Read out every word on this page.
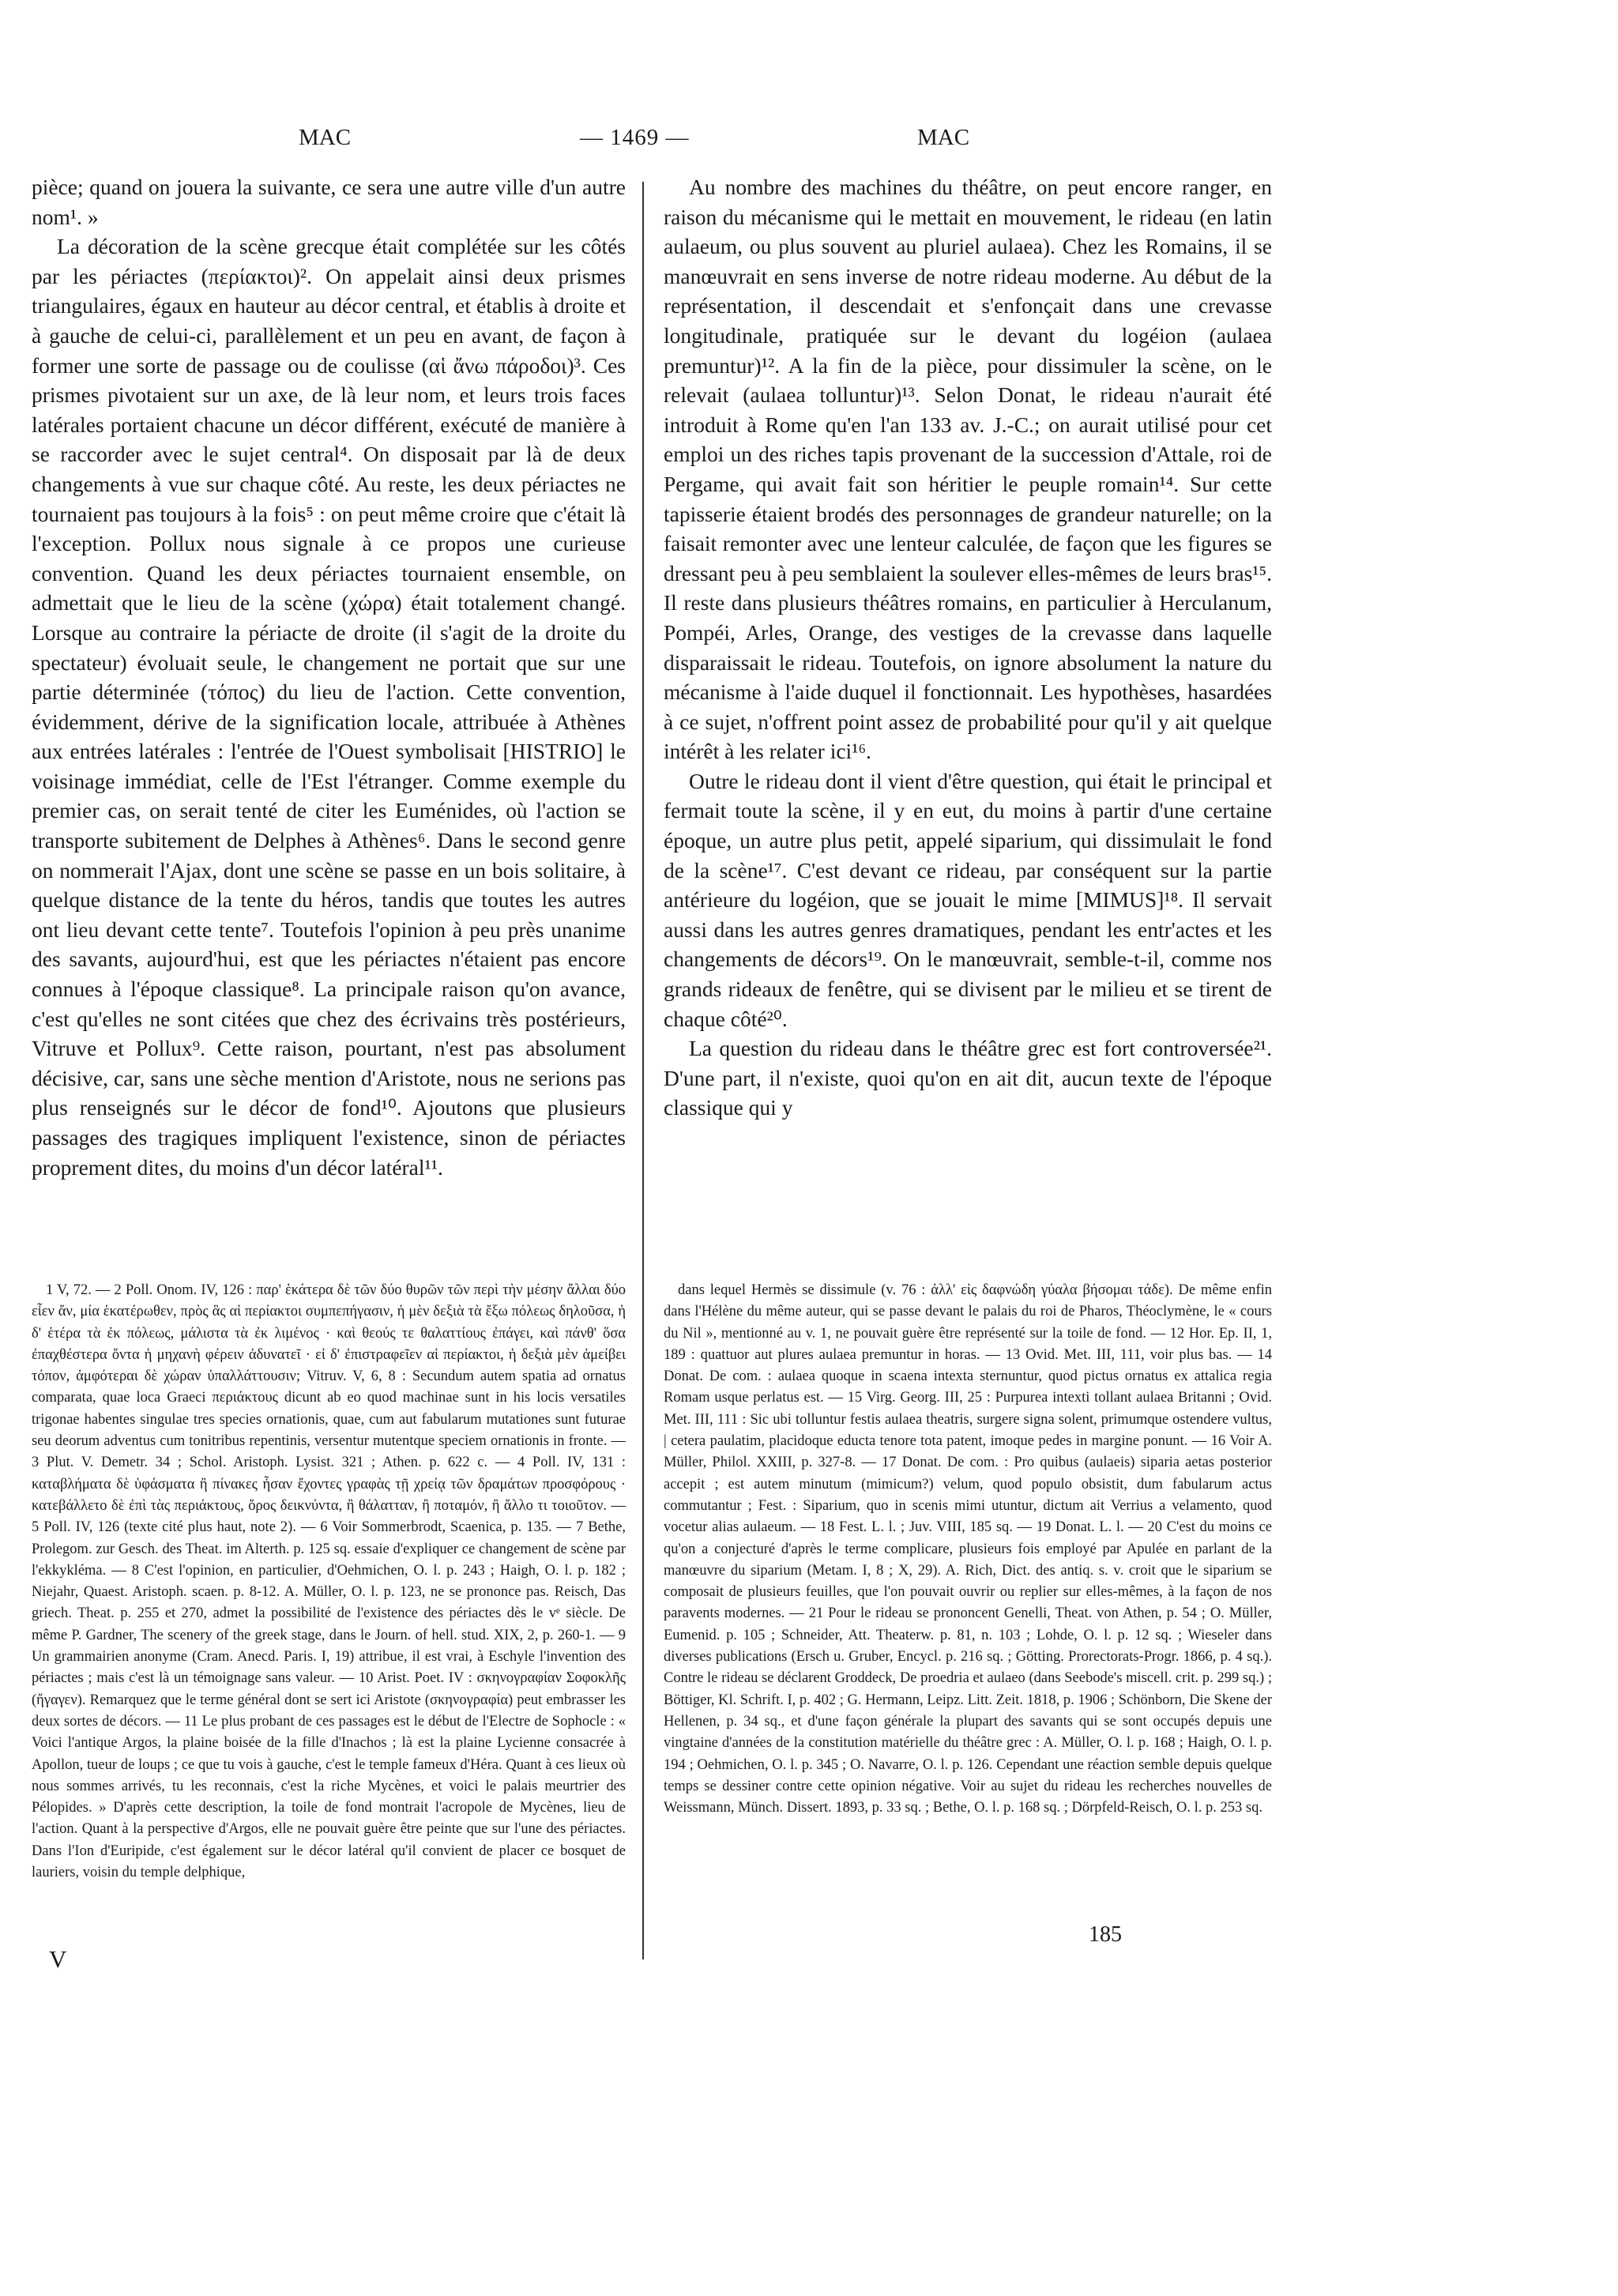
MAC	— 1469 —	MAC

pièce; quand on jouera la suivante, ce sera une autre ville d'un autre nom¹. »

La décoration de la scène grecque était complétée sur les côtés par les périactes (περίακτοι)². On appelait ainsi deux prismes triangulaires, égaux en hauteur au décor central, et établis à droite et à gauche de celui-ci, parallèlement et un peu en avant, de façon à former une sorte de passage ou de coulisse (αἱ ἄνω πάροδοι)³. Ces prismes pivotaient sur un axe, de là leur nom, et leurs trois faces latérales portaient chacune un décor différent, exécuté de manière à se raccorder avec le sujet central⁴. On disposait par là de deux changements à vue sur chaque côté. Au reste, les deux périactes ne tournaient pas toujours à la fois⁵ : on peut même croire que c'était là l'exception. Pollux nous signale à ce propos une curieuse convention. Quand les deux périactes tournaient ensemble, on admettait que le lieu de la scène (χώρα) était totalement changé. Lorsque au contraire la périacte de droite (il s'agit de la droite du spectateur) évoluait seule, le changement ne portait que sur une partie déterminée (τόπος) du lieu de l'action. Cette convention, évidemment, dérive de la signification locale, attribuée à Athènes aux entrées latérales : l'entrée de l'Ouest symbolisait [HISTRIO] le voisinage immédiat, celle de l'Est l'étranger. Comme exemple du premier cas, on serait tenté de citer les Euménides, où l'action se transporte subitement de Delphes à Athènes⁶. Dans le second genre on nommerait l'Ajax, dont une scène se passe en un bois solitaire, à quelque distance de la tente du héros, tandis que toutes les autres ont lieu devant cette tente⁷. Toutefois l'opinion à peu près unanime des savants, aujourd'hui, est que les périactes n'étaient pas encore connues à l'époque classique⁸. La principale raison qu'on avance, c'est qu'elles ne sont citées que chez des écrivains très postérieurs, Vitruve et Pollux⁹. Cette raison, pourtant, n'est pas absolument décisive, car, sans une sèche mention d'Aristote, nous ne serions pas plus renseignés sur le décor de fond¹⁰. Ajoutons que plusieurs passages des tragiques impliquent l'existence, sinon de périactes proprement dites, du moins d'un décor latéral¹¹.

Au nombre des machines du théâtre, on peut encore ranger, en raison du mécanisme qui le mettait en mouvement, le rideau (en latin aulaeum, ou plus souvent au pluriel aulaea). Chez les Romains, il se manœuvrait en sens inverse de notre rideau moderne. Au début de la représentation, il descendait et s'enfonçait dans une crevasse longitudinale, pratiquée sur le devant du logéion (aulaea premuntur)¹². A la fin de la pièce, pour dissimuler la scène, on le relevait (aulaea tolluntur)¹³. Selon Donat, le rideau n'aurait été introduit à Rome qu'en l'an 133 av. J.-C.; on aurait utilisé pour cet emploi un des riches tapis provenant de la succession d'Attale, roi de Pergame, qui avait fait son héritier le peuple romain¹⁴. Sur cette tapisserie étaient brodés des personnages de grandeur naturelle; on la faisait remonter avec une lenteur calculée, de façon que les figures se dressant peu à peu semblaient la soulever elles-mêmes de leurs bras¹⁵. Il reste dans plusieurs théâtres romains, en particulier à Herculanum, Pompéi, Arles, Orange, des vestiges de la crevasse dans laquelle disparaissait le rideau. Toutefois, on ignore absolument la nature du mécanisme à l'aide duquel il fonctionnait. Les hypothèses, hasardées à ce sujet, n'offrent point assez de probabilité pour qu'il y ait quelque intérêt à les relater ici¹⁶.

Outre le rideau dont il vient d'être question, qui était le principal et fermait toute la scène, il y en eut, du moins à partir d'une certaine époque, un autre plus petit, appelé siparium, qui dissimulait le fond de la scène¹⁷. C'est devant ce rideau, par conséquent sur la partie antérieure du logéion, que se jouait le mime [MIMUS]¹⁸. Il servait aussi dans les autres genres dramatiques, pendant les entr'actes et les changements de décors¹⁹. On le manœuvrait, semble-t-il, comme nos grands rideaux de fenêtre, qui se divisent par le milieu et se tirent de chaque côté²⁰.

La question du rideau dans le théâtre grec est fort controversée²¹. D'une part, il n'existe, quoi qu'on en ait dit, aucun texte de l'époque classique qui y

1 V, 72. — 2 Poll. Onom. IV, 126 : παρ' ἑκάτερα δὲ τῶν δύο θυρῶν τῶν περὶ τὴν μέσην ἄλλαι δύο εἶεν ἄν, μία ἑκατέρωθεν, πρὸς ἃς αἱ περίακτοι συμπεπήγασιν, ἡ μὲν δεξιὰ τὰ ἔξω πόλεως δηλοῦσα, ἡ δ' ἑτέρα τὰ ἐκ πόλεως, μάλιστα τὰ ἐκ λιμένος · καὶ θεούς τε θαλαττίους ἐπάγει, καὶ πάνθ' ὅσα ἐπαχθέστερα ὄντα ἡ μηχανὴ φέρειν ἀδυνατεῖ · εἰ δ' ἐπιστραφεῖεν αἱ περίακτοι, ἡ δεξιὰ μὲν ἀμείβει τόπον, ἀμφότεραι δὲ χώραν ὑπαλλάττουσιν; Vitruv. V, 6, 8 : Secundum autem spatia ad ornatus comparata, quae loca Graeci περιάκτους dicunt ab eo quod machinae sunt in his locis versatiles trigonae habentes singulae tres species ornationis, quae, cum aut fabularum mutationes sunt futurae seu deorum adventus cum tonitribus repentinis, versentur mutentque speciem ornationis in fronte. — 3 Plut. V. Demetr. 34 ; Schol. Aristoph. Lysist. 321 ; Athen. p. 622 c. — 4 Poll. IV, 131 : καταβλήματα δὲ ὑφάσματα ἢ πίνακες ἦσαν ἔχοντες γραφὰς τῇ χρείᾳ τῶν δραμάτων προσφόρους · κατεβάλλετο δὲ ἐπὶ τὰς περιάκτους, ὄρος δεικνύντα, ἢ θάλατταν, ἢ ποταμόν, ἢ ἄλλο τι τοιοῦτον. — 5 Poll. IV, 126 (texte cité plus haut, note 2). — 6 Voir Sommerbrodt, Scaenica, p. 135. — 7 Bethe, Prolegom. zur Gesch. des Theat. im Alterth. p. 125 sq. essaie d'expliquer ce changement de scène par l'ekkykléma. — 8 C'est l'opinion, en particulier, d'Oehmichen, O. l. p. 243 ; Haigh, O. l. p. 182 ; Niejahr, Quaest. Aristoph. scaen. p. 8-12. A. Müller, O. l. p. 123, ne se prononce pas. Reisch, Das griech. Theat. p. 255 et 270, admet la possibilité de l'existence des périactes dès le vᵉ siècle. De même P. Gardner, The scenery of the greek stage, dans le Journ. of hell. stud. XIX, 2, p. 260-1. — 9 Un grammairien anonyme (Cram. Anecd. Paris. I, 19) attribue, il est vrai, à Eschyle l'invention des périactes ; mais c'est là un témoignage sans valeur. — 10 Arist. Poet. IV : σκηνογραφίαν Σοφοκλῆς (ἤγαγεν). Remarquez que le terme général dont se sert ici Aristote (σκηνογραφία) peut embrasser les deux sortes de décors. — 11 Le plus probant de ces passages est le début de l'Electre de Sophocle : « Voici l'antique Argos, la plaine boisée de la fille d'Inachos ; là est la plaine Lycienne consacrée à Apollon, tueur de loups ; ce que tu vois à gauche, c'est le temple fameux d'Héra. Quant à ces lieux où nous sommes arrivés, tu les reconnais, c'est la riche Mycènes, et voici le palais meurtrier des Pélopides. » D'après cette description, la toile de fond montrait l'acropole de Mycènes, lieu de l'action. Quant à la perspective d'Argos, elle ne pouvait guère être peinte que sur l'une des périactes. Dans l'Ion d'Euripide, c'est également sur le décor latéral qu'il convient de placer ce bosquet de lauriers, voisin du temple delphique,

dans lequel Hermès se dissimule (v. 76 : ἀλλ' εἰς δαφνώδη γύαλα βήσομαι τάδε). De même enfin dans l'Hélène du même auteur, qui se passe devant le palais du roi de Pharos, Théoclymène, le « cours du Nil », mentionné au v. 1, ne pouvait guère être représenté sur la toile de fond. — 12 Hor. Ep. II, 1, 189 : quattuor aut plures aulaea premuntur in horas. — 13 Ovid. Met. III, 111, voir plus bas. — 14 Donat. De com. : aulaea quoque in scaena intexta sternuntur, quod pictus ornatus ex attalica regia Romam usque perlatus est. — 15 Virg. Georg. III, 25 : Purpurea intexti tollant aulaea Britanni ; Ovid. Met. III, 111 : Sic ubi tolluntur festis aulaea theatris, surgere signa solent, primumque ostendere vultus, | cetera paulatim, placidoque educta tenore tota patent, imoque pedes in margine ponunt. — 16 Voir A. Müller, Philol. XXIII, p. 327-8. — 17 Donat. De com. : Pro quibus (aulaeis) siparia aetas posterior accepit ; est autem minutum (mimicum?) velum, quod populo obsistit, dum fabularum actus commutantur ; Fest. : Siparium, quo in scenis mimi utuntur, dictum ait Verrius a velamento, quod vocetur alias aulaeum. — 18 Fest. L. l. ; Juv. VIII, 185 sq. — 19 Donat. L. l. — 20 C'est du moins ce qu'on a conjecturé d'après le terme complicare, plusieurs fois employé par Apulée en parlant de la manœuvre du siparium (Metam. I, 8 ; X, 29). A. Rich, Dict. des antiq. s. v. croit que le siparium se composait de plusieurs feuilles, que l'on pouvait ouvrir ou replier sur elles-mêmes, à la façon de nos paravents modernes. — 21 Pour le rideau se prononcent Genelli, Theat. von Athen, p. 54 ; O. Müller, Eumenid. p. 105 ; Schneider, Att. Theaterw. p. 81, n. 103 ; Lohde, O. l. p. 12 sq. ; Wieseler dans diverses publications (Ersch u. Gruber, Encycl. p. 216 sq. ; Götting. Prorectorats-Progr. 1866, p. 4 sq.). Contre le rideau se déclarent Groddeck, De proedria et aulaeo (dans Seebode's miscell. crit. p. 299 sq.) ; Böttiger, Kl. Schrift. I, p. 402 ; G. Hermann, Leipz. Litt. Zeit. 1818, p. 1906 ; Schönborn, Die Skene der Hellenen, p. 34 sq., et d'une façon générale la plupart des savants qui se sont occupés depuis une vingtaine d'années de la constitution matérielle du théâtre grec : A. Müller, O. l. p. 168 ; Haigh, O. l. p. 194 ; Oehmichen, O. l. p. 345 ; O. Navarre, O. l. p. 126. Cependant une réaction semble depuis quelque temps se dessiner contre cette opinion négative. Voir au sujet du rideau les recherches nouvelles de Weissmann, Münch. Dissert. 1893, p. 33 sq. ; Bethe, O. l. p. 168 sq. ; Dörpfeld-Reisch, O. l. p. 253 sq.

V
185
